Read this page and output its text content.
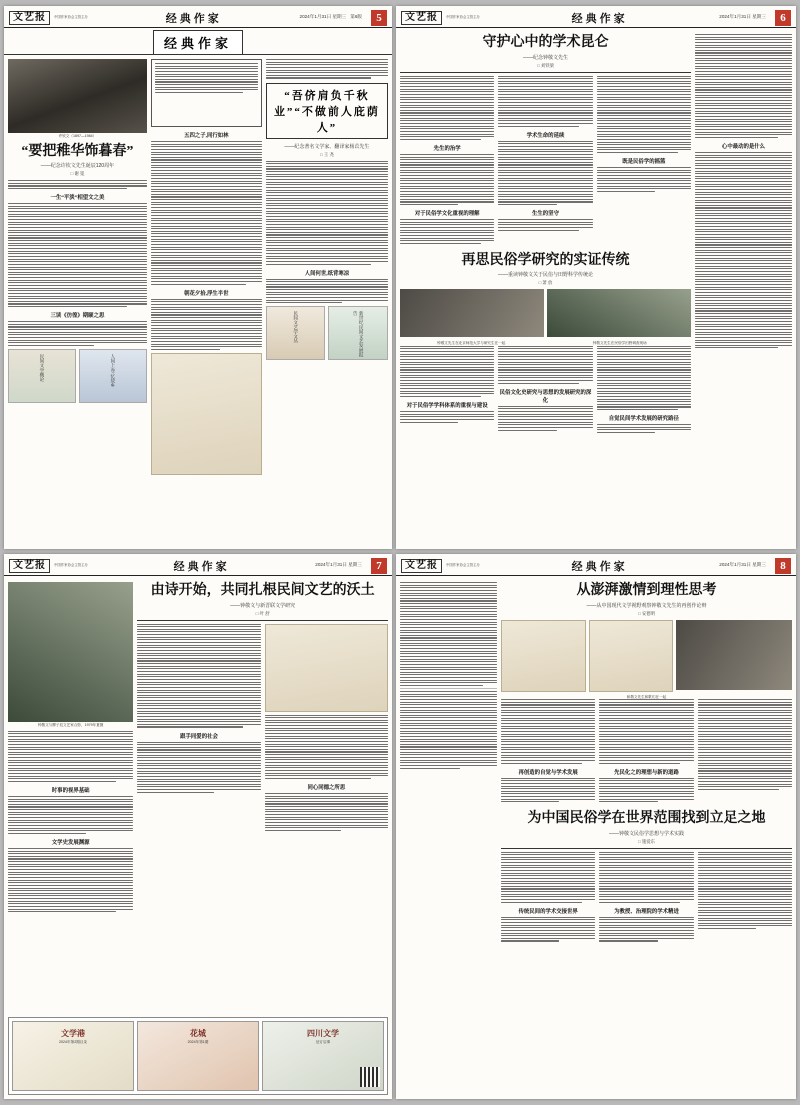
文艺报	中国作家协会主管主办	经典作家	2024年1月31日 星期三 第6版	5
经典作家
许钦文（1897—1984）
“要把稚华饰暮春”
——纪念许钦文先生诞辰120周年
□ 谢 冕
一生“平淡”相望文之美
三读《彷徨》期颐之思
民间文学概论	人间上卷·忆故乡
五四之子,同行如林
朝花夕拾,浮生半世
“吾侪肩负千秋业”“不做前人庇荫人”
——纪念著名文学家、翻译家杨苡先生
□ 王 尧
人间何世,纸背寒凉
民间文艺学文丛	新世纪民间文艺发展报告
文艺报	中国作家协会主管主办	经典作家	2024年1月31日 星期三	6
守护心中的学术昆仑
——纪念钟敬文先生
□ 刘铁梁
先生的治学
对于民俗学文化重视的理解
学术生命的延续
生生的坚守
既是民俗学的摇篮
再思民俗学研究的实证传统
——重读钟敬文关于民俗与田野科学传统论
□ 萧 放
钟敬文先生在北京师范大学与研究生在一起	钟敬文先生在民俗学田野调查现场
对于民俗学学科体系的重视与建设
民俗文化史研究与思想的发展研究的深化
自觉民间学术发展的研究路径
心中最动的是什么
文艺报	中国作家协会主管主办	经典作家	2024年1月31日 星期三	7
钟敬文与柳子辰文艺家合影，1979年夏摄
时事的视界基础
文学史发展渊源
由诗开始，共同扎根民间文艺的沃土
——钟敬文与新晋联文学研究
□ 叶 舒
跟手同爱的社会
同心同德之所思
文学港
2024年第2期目录
花城
2024年第1期
四川文学
征订启事
文艺报	中国作家协会主管主办	经典作家	2024年1月31日 星期三	8
从澎湃激情到理性思考
——从中国现代文学视野观察钟敬文先生的再创作论辩
□ 安德明
和敬文先生和歌们在一起
再创造的自觉与学术发展	先民化之的理想与新的道路
为中国民俗学在世界范围找到立足之地
——钟敬文民俗学思想与学术实践
□ 施爱东
传统民间的学术交接世界	为教授、治理院的学术精进
